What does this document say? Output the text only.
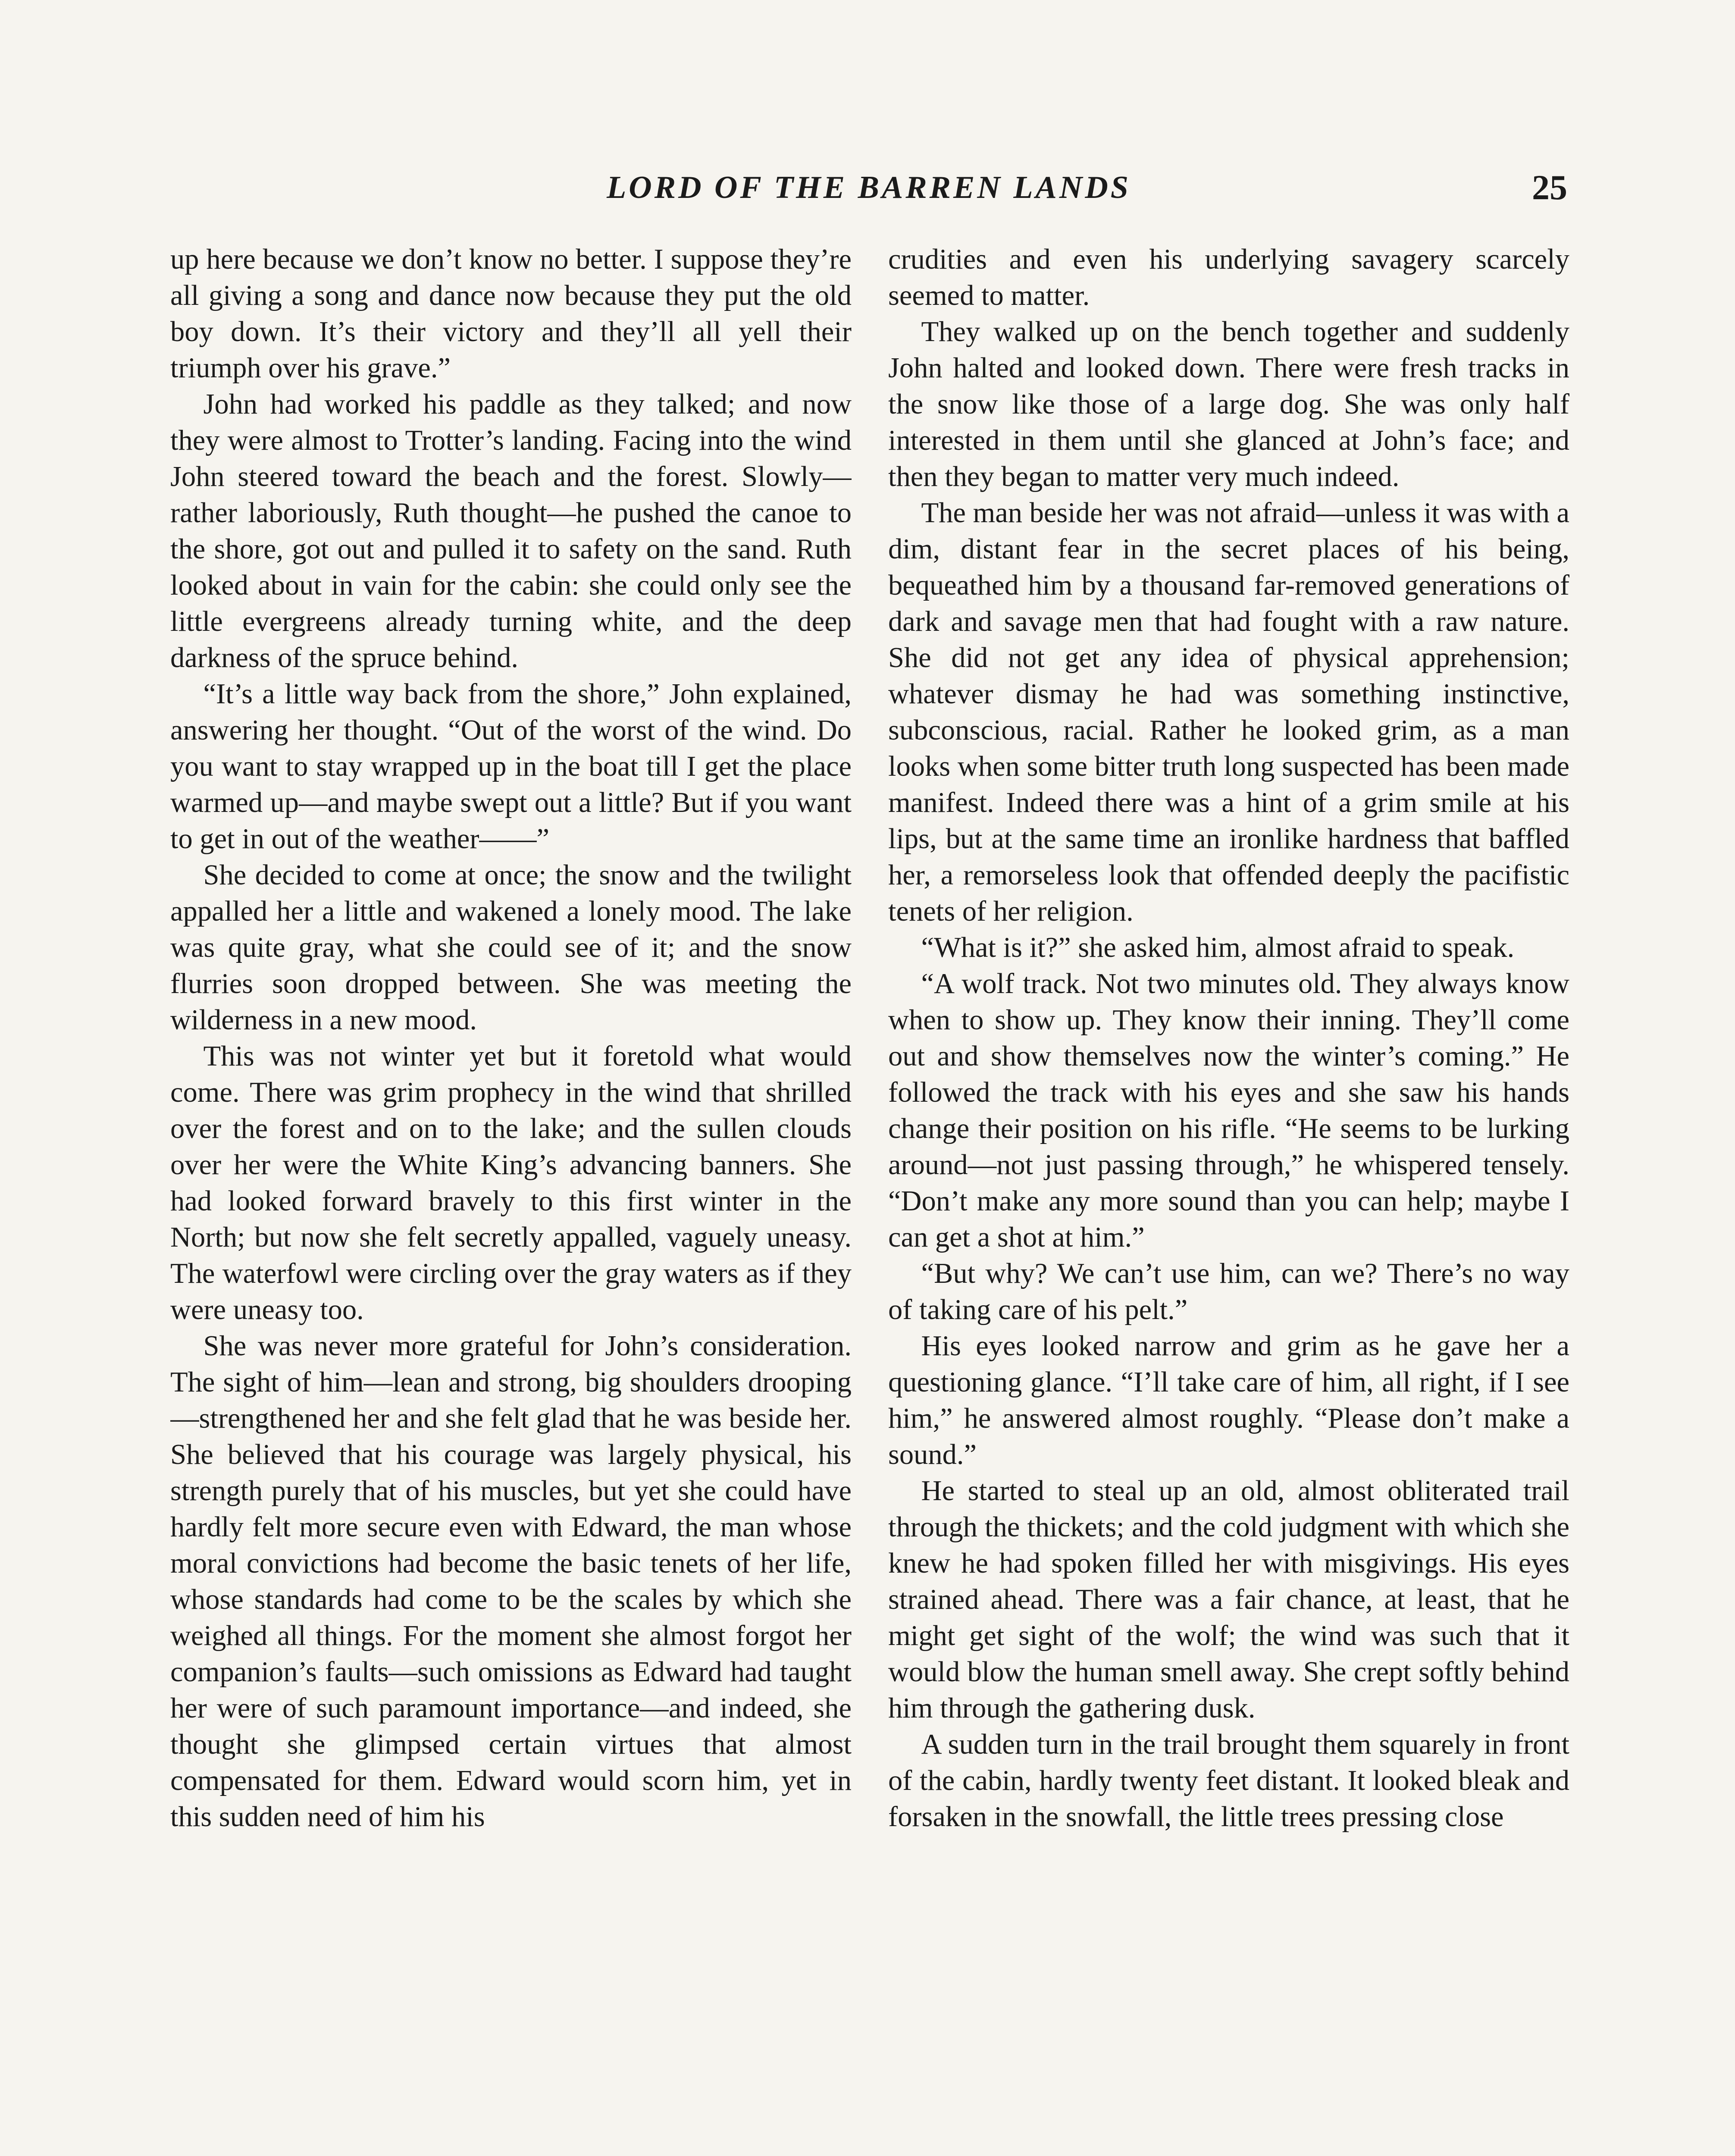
LORD OF THE BARREN LANDS	25

up here because we don’t know no better. I suppose they’re all giving a song and dance now because they put the old boy down. It’s their victory and they’ll all yell their triumph over his grave.”

John had worked his paddle as they talked; and now they were almost to Trotter’s landing. Facing into the wind John steered toward the beach and the forest. Slowly—rather laboriously, Ruth thought—he pushed the canoe to the shore, got out and pulled it to safety on the sand. Ruth looked about in vain for the cabin: she could only see the little evergreens already turning white, and the deep darkness of the spruce behind.

“It’s a little way back from the shore,” John explained, answering her thought. “Out of the worst of the wind. Do you want to stay wrapped up in the boat till I get the place warmed up—and maybe swept out a little? But if you want to get in out of the weather——”

She decided to come at once; the snow and the twilight appalled her a little and wakened a lonely mood. The lake was quite gray, what she could see of it; and the snow flurries soon dropped between. She was meeting the wilderness in a new mood.

This was not winter yet but it foretold what would come. There was grim prophecy in the wind that shrilled over the forest and on to the lake; and the sullen clouds over her were the White King’s advancing banners. She had looked forward bravely to this first winter in the North; but now she felt secretly appalled, vaguely uneasy. The waterfowl were circling over the gray waters as if they were uneasy too.

She was never more grateful for John’s consideration. The sight of him—lean and strong, big shoulders drooping—strengthened her and she felt glad that he was beside her. She believed that his courage was largely physical, his strength purely that of his muscles, but yet she could have hardly felt more secure even with Edward, the man whose moral convictions had become the basic tenets of her life, whose standards had come to be the scales by which she weighed all things. For the moment she almost forgot her companion’s faults—such omissions as Edward had taught her were of such paramount importance—and indeed, she thought she glimpsed certain virtues that almost compensated for them. Edward would scorn him, yet in this sudden need of him his

crudities and even his underlying savagery scarcely seemed to matter.

They walked up on the bench together and suddenly John halted and looked down. There were fresh tracks in the snow like those of a large dog. She was only half interested in them until she glanced at John’s face; and then they began to matter very much indeed.

The man beside her was not afraid—unless it was with a dim, distant fear in the secret places of his being, bequeathed him by a thousand far-removed generations of dark and savage men that had fought with a raw nature. She did not get any idea of physical apprehension; whatever dismay he had was something instinctive, subconscious, racial. Rather he looked grim, as a man looks when some bitter truth long suspected has been made manifest. Indeed there was a hint of a grim smile at his lips, but at the same time an ironlike hardness that baffled her, a remorseless look that offended deeply the pacifistic tenets of her religion.

“What is it?” she asked him, almost afraid to speak.

“A wolf track. Not two minutes old. They always know when to show up. They know their inning. They’ll come out and show themselves now the winter’s coming.” He followed the track with his eyes and she saw his hands change their position on his rifle. “He seems to be lurking around—not just passing through,” he whispered tensely. “Don’t make any more sound than you can help; maybe I can get a shot at him.”

“But why? We can’t use him, can we? There’s no way of taking care of his pelt.”

His eyes looked narrow and grim as he gave her a questioning glance. “I’ll take care of him, all right, if I see him,” he answered almost roughly. “Please don’t make a sound.”

He started to steal up an old, almost obliterated trail through the thickets; and the cold judgment with which she knew he had spoken filled her with misgivings. His eyes strained ahead. There was a fair chance, at least, that he might get sight of the wolf; the wind was such that it would blow the human smell away. She crept softly behind him through the gathering dusk.

A sudden turn in the trail brought them squarely in front of the cabin, hardly twenty feet distant. It looked bleak and forsaken in the snowfall, the little trees pressing close
